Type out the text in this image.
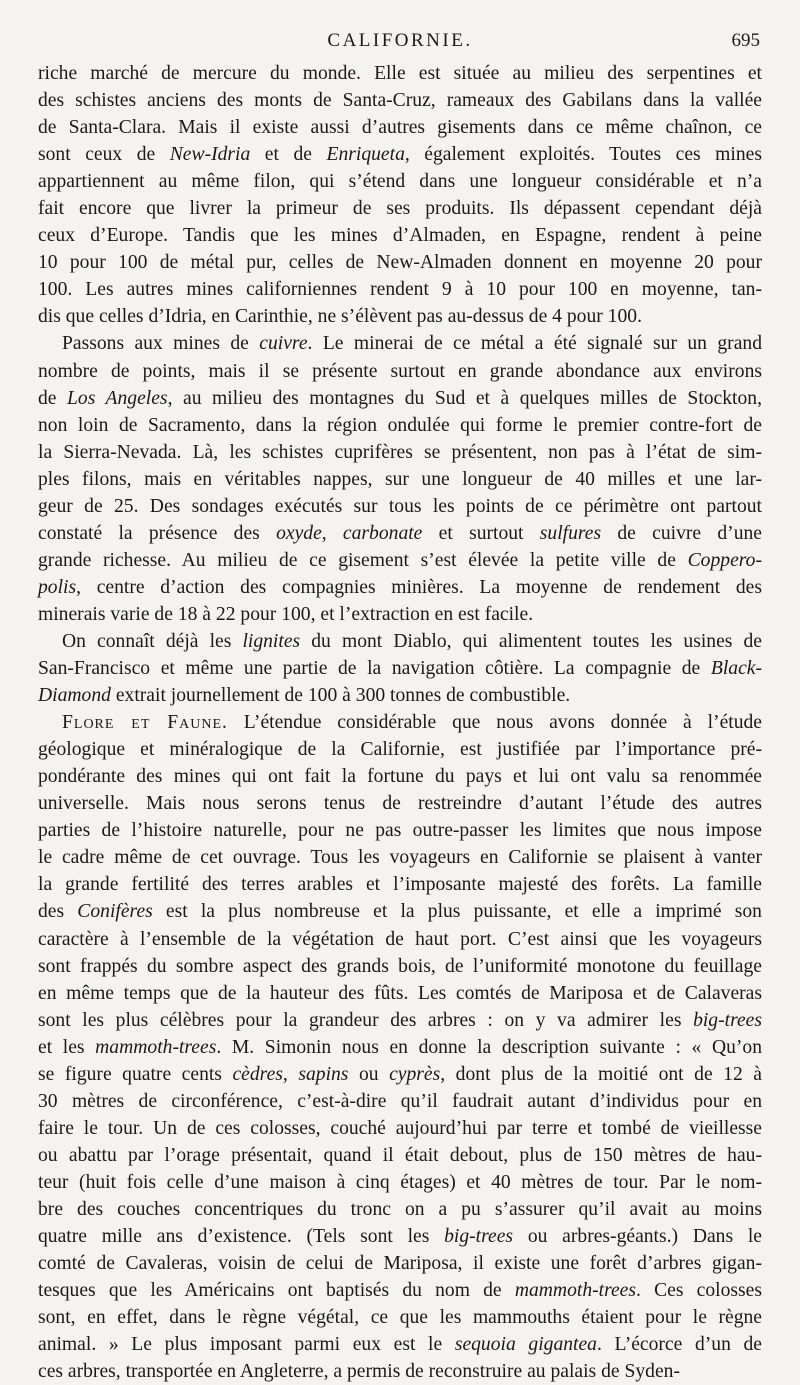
CALIFORNIE.	695
riche marché de mercure du monde. Elle est située au milieu des serpentines et
des schistes anciens des monts de Santa-Cruz, rameaux des Gabilans dans la vallée
de Santa-Clara. Mais il existe aussi d’autres gisements dans ce même chaînon, ce
sont ceux de New-Idria et de Enriqueta, également exploités. Toutes ces mines
appartiennent au même filon, qui s’étend dans une longueur considérable et n’a
fait encore que livrer la primeur de ses produits. Ils dépassent cependant déjà
ceux d’Europe. Tandis que les mines d’Almaden, en Espagne, rendent à peine
10 pour 100 de métal pur, celles de New-Almaden donnent en moyenne 20 pour
100. Les autres mines californiennes rendent 9 à 10 pour 100 en moyenne, tan-
dis que celles d’Idria, en Carinthie, ne s’élèvent pas au-dessus de 4 pour 100.
Passons aux mines de cuivre. Le minerai de ce métal a été signalé sur un grand
nombre de points, mais il se présente surtout en grande abondance aux environs
de Los Angeles, au milieu des montagnes du Sud et à quelques milles de Stockton,
non loin de Sacramento, dans la région ondulée qui forme le premier contre-fort de
la Sierra-Nevada. Là, les schistes cuprifères se présentent, non pas à l’état de sim-
ples filons, mais en véritables nappes, sur une longueur de 40 milles et une lar-
geur de 25. Des sondages exécutés sur tous les points de ce périmètre ont partout
constaté la présence des oxyde, carbonate et surtout sulfures de cuivre d’une
grande richesse. Au milieu de ce gisement s’est élevée la petite ville de Coppero-
polis, centre d’action des compagnies minières. La moyenne de rendement des
minerais varie de 18 à 22 pour 100, et l’extraction en est facile.
On connaît déjà les lignites du mont Diablo, qui alimentent toutes les usines de
San-Francisco et même une partie de la navigation côtière. La compagnie de Black-
Diamond extrait journellement de 100 à 300 tonnes de combustible.
Flore et Faune. L’étendue considérable que nous avons donnée à l’étude
géologique et minéralogique de la Californie, est justifiée par l’importance pré-
pondérante des mines qui ont fait la fortune du pays et lui ont valu sa renommée
universelle. Mais nous serons tenus de restreindre d’autant l’étude des autres
parties de l’histoire naturelle, pour ne pas outre-passer les limites que nous impose
le cadre même de cet ouvrage. Tous les voyageurs en Californie se plaisent à vanter
la grande fertilité des terres arables et l’imposante majesté des forêts. La famille
des Conifères est la plus nombreuse et la plus puissante, et elle a imprimé son
caractère à l’ensemble de la végétation de haut port. C’est ainsi que les voyageurs
sont frappés du sombre aspect des grands bois, de l’uniformité monotone du feuillage
en même temps que de la hauteur des fûts. Les comtés de Mariposa et de Calaveras
sont les plus célèbres pour la grandeur des arbres : on y va admirer les big-trees
et les mammoth-trees. M. Simonin nous en donne la description suivante : « Qu’on
se figure quatre cents cèdres, sapins ou cyprès, dont plus de la moitié ont de 12 à
30 mètres de circonférence, c’est-à-dire qu’il faudrait autant d’individus pour en
faire le tour. Un de ces colosses, couché aujourd’hui par terre et tombé de vieillesse
ou abattu par l’orage présentait, quand il était debout, plus de 150 mètres de hau-
teur (huit fois celle d’une maison à cinq étages) et 40 mètres de tour. Par le nom-
bre des couches concentriques du tronc on a pu s’assurer qu’il avait au moins
quatre mille ans d’existence. (Tels sont les big-trees ou arbres-géants.) Dans le
comté de Cavaleras, voisin de celui de Mariposa, il existe une forêt d’arbres gigan-
tesques que les Américains ont baptisés du nom de mammoth-trees. Ces colosses
sont, en effet, dans le règne végétal, ce que les mammouths étaient pour le règne
animal. » Le plus imposant parmi eux est le sequoia gigantea. L’écorce d’un de
ces arbres, transportée en Angleterre, a permis de reconstruire au palais de Syden-
